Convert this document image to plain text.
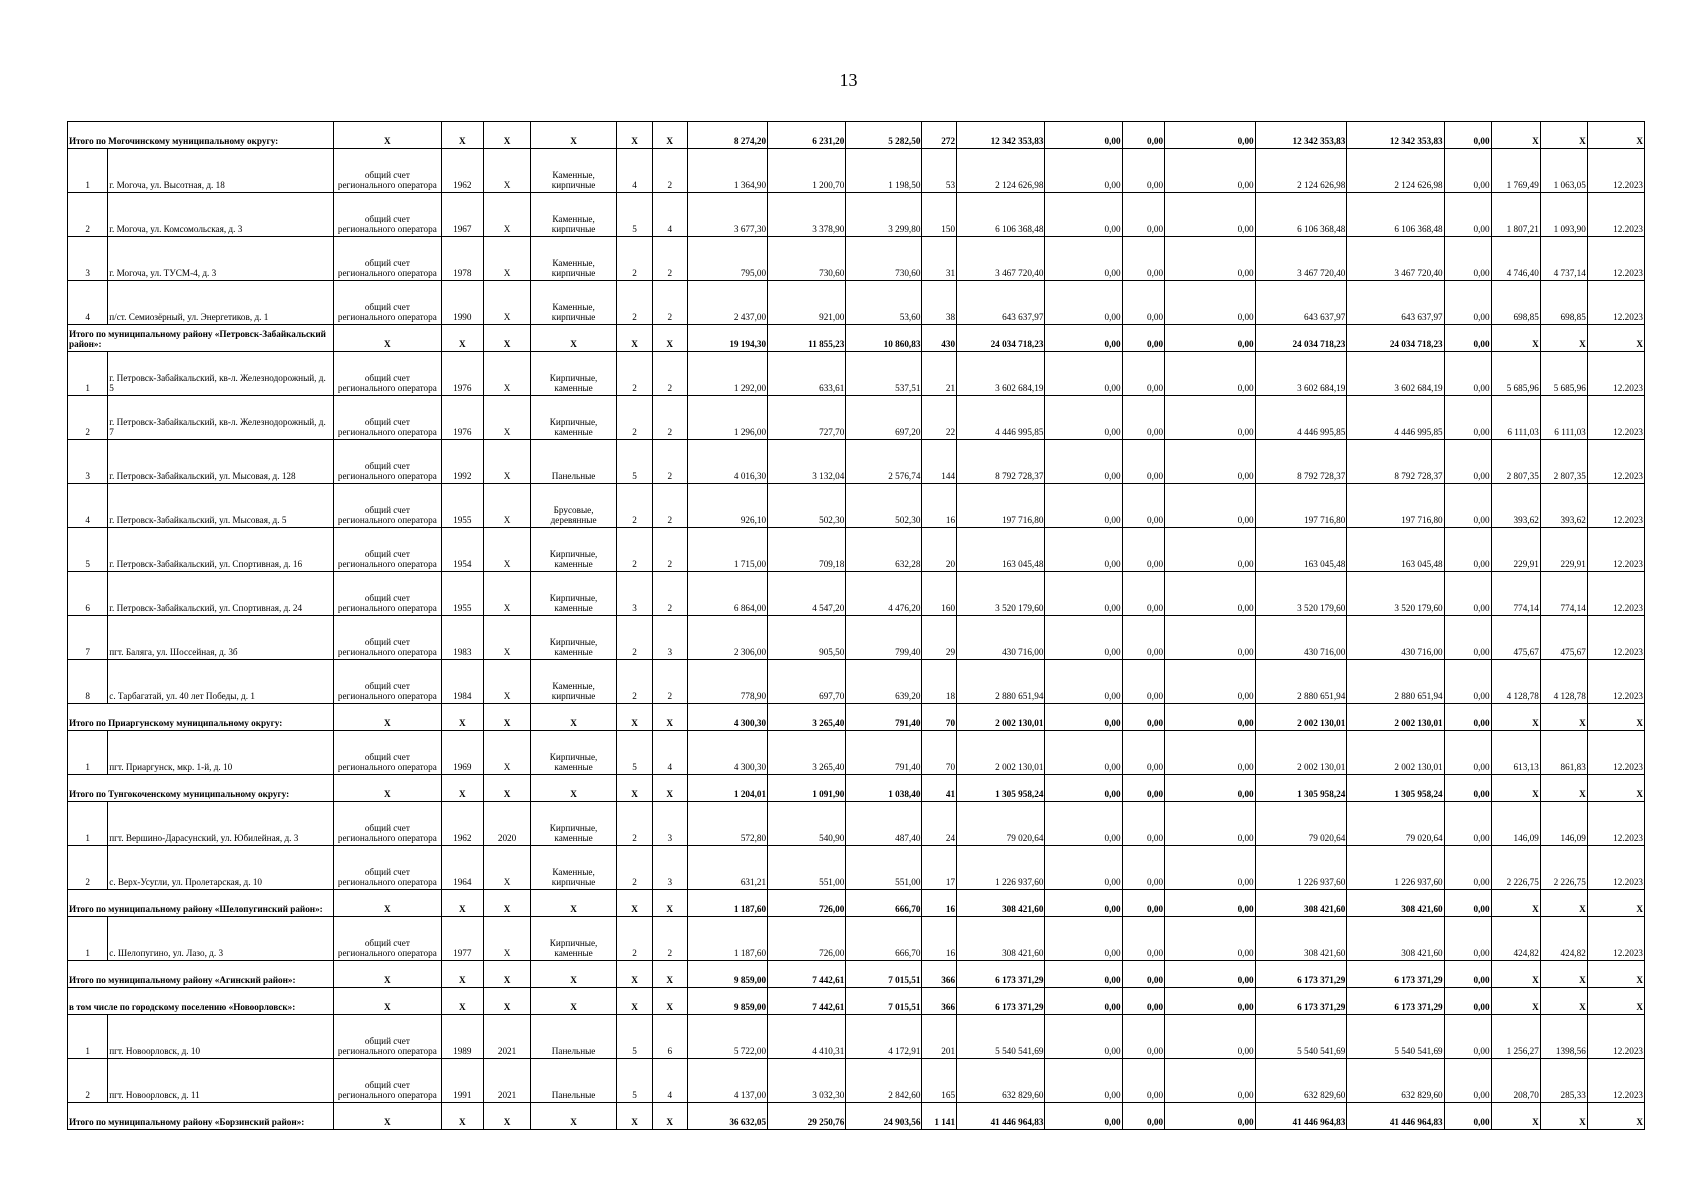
13
Итого по Могочинскому муниципальному округу:		X	X	X	X	X	X	8 274,20	6 231,20	5 282,50	272	12 342 353,83	0,00	0,00	0,00	12 342 353,83	12 342 353,83	0,00	X	X	X
1	г. Могоча, ул. Высотная, д. 18	общий счет регионального оператора	1962	X	Каменные, кирпичные	4	2	1 364,90	1 200,70	1 198,50	53	2 124 626,98	0,00	0,00	0,00	2 124 626,98	2 124 626,98	0,00	1 769,49	1 063,05	12.2023
2	г. Могоча, ул. Комсомольская, д. 3	общий счет регионального оператора	1967	X	Каменные, кирпичные	5	4	3 677,30	3 378,90	3 299,80	150	6 106 368,48	0,00	0,00	0,00	6 106 368,48	6 106 368,48	0,00	1 807,21	1 093,90	12.2023
3	г. Могоча, ул. ТУСМ-4, д. 3	общий счет регионального оператора	1978	X	Каменные, кирпичные	2	2	795,00	730,60	730,60	31	3 467 720,40	0,00	0,00	0,00	3 467 720,40	3 467 720,40	0,00	4 746,40	4 737,14	12.2023
4	п/ст. Семиозёрный, ул. Энергетиков, д. 1	общий счет регионального оператора	1990	X	Каменные, кирпичные	2	2	2 437,00	921,00	53,60	38	643 637,97	0,00	0,00	0,00	643 637,97	643 637,97	0,00	698,85	698,85	12.2023
Итого по муниципальному району «Петровск-Забайкальский район»:		X	X	X	X	X	X	19 194,30	11 855,23	10 860,83	430	24 034 718,23	0,00	0,00	0,00	24 034 718,23	24 034 718,23	0,00	X	X	X
1	г. Петровск-Забайкальский, кв-л. Железнодорожный, д. 5	общий счет регионального оператора	1976	X	Кирпичные, каменные	2	2	1 292,00	633,61	537,51	21	3 602 684,19	0,00	0,00	0,00	3 602 684,19	3 602 684,19	0,00	5 685,96	5 685,96	12.2023
2	г. Петровск-Забайкальский, кв-л. Железнодорожный, д. 7	общий счет регионального оператора	1976	X	Кирпичные, каменные	2	2	1 296,00	727,70	697,20	22	4 446 995,85	0,00	0,00	0,00	4 446 995,85	4 446 995,85	0,00	6 111,03	6 111,03	12.2023
3	г. Петровск-Забайкальский, ул. Мысовая, д. 128	общий счет регионального оператора	1992	X	Панельные	5	2	4 016,30	3 132,04	2 576,74	144	8 792 728,37	0,00	0,00	0,00	8 792 728,37	8 792 728,37	0,00	2 807,35	2 807,35	12.2023
4	г. Петровск-Забайкальский, ул. Мысовая, д. 5	общий счет регионального оператора	1955	X	Брусовые, деревянные	2	2	926,10	502,30	502,30	16	197 716,80	0,00	0,00	0,00	197 716,80	197 716,80	0,00	393,62	393,62	12.2023
5	г. Петровск-Забайкальский, ул. Спортивная, д. 16	общий счет регионального оператора	1954	X	Кирпичные, каменные	2	2	1 715,00	709,18	632,28	20	163 045,48	0,00	0,00	0,00	163 045,48	163 045,48	0,00	229,91	229,91	12.2023
6	г. Петровск-Забайкальский, ул. Спортивная, д. 24	общий счет регионального оператора	1955	X	Кирпичные, каменные	3	2	6 864,00	4 547,20	4 476,20	160	3 520 179,60	0,00	0,00	0,00	3 520 179,60	3 520 179,60	0,00	774,14	774,14	12.2023
7	пгт. Балягa, ул. Шоссейная, д. 3б	общий счет регионального оператора	1983	X	Кирпичные, каменные	2	3	2 306,00	905,50	799,40	29	430 716,00	0,00	0,00	0,00	430 716,00	430 716,00	0,00	475,67	475,67	12.2023
8	с. Тарбагатай, ул. 40 лет Победы, д. 1	общий счет регионального оператора	1984	X	Каменные, кирпичные	2	2	778,90	697,70	639,20	18	2 880 651,94	0,00	0,00	0,00	2 880 651,94	2 880 651,94	0,00	4 128,78	4 128,78	12.2023
Итого по Приаргунскому муниципальному округу:		X	X	X	X	X	X	4 300,30	3 265,40	791,40	70	2 002 130,01	0,00	0,00	0,00	2 002 130,01	2 002 130,01	0,00	X	X	X
1	пгт. Приаргунск, мкр. 1-й, д. 10	общий счет регионального оператора	1969	X	Кирпичные, каменные	5	4	4 300,30	3 265,40	791,40	70	2 002 130,01	0,00	0,00	0,00	2 002 130,01	2 002 130,01	0,00	613,13	861,83	12.2023
Итого по Тунгокоченскому муниципальному округу:		X	X	X	X	X	X	1 204,01	1 091,90	1 038,40	41	1 305 958,24	0,00	0,00	0,00	1 305 958,24	1 305 958,24	0,00	X	X	X
1	пгт. Вершино-Дарасунский, ул. Юбилейная, д. 3	общий счет регионального оператора	1962	2020	Кирпичные, каменные	2	3	572,80	540,90	487,40	24	79 020,64	0,00	0,00	0,00	79 020,64	79 020,64	0,00	146,09	146,09	12.2023
2	с. Верх-Усугли, ул. Пролетарская, д. 10	общий счет регионального оператора	1964	X	Каменные, кирпичные	2	3	631,21	551,00	551,00	17	1 226 937,60	0,00	0,00	0,00	1 226 937,60	1 226 937,60	0,00	2 226,75	2 226,75	12.2023
Итого по муниципальному району «Шелопугинский район»:		X	X	X	X	X	X	1 187,60	726,00	666,70	16	308 421,60	0,00	0,00	0,00	308 421,60	308 421,60	0,00	X	X	X
1	с. Шелопугино, ул. Лазо, д. 3	общий счет регионального оператора	1977	X	Кирпичные, каменные	2	2	1 187,60	726,00	666,70	16	308 421,60	0,00	0,00	0,00	308 421,60	308 421,60	0,00	424,82	424,82	12.2023
Итого по муниципальному району «Агинский район»:		X	X	X	X	X	X	9 859,00	7 442,61	7 015,51	366	6 173 371,29	0,00	0,00	0,00	6 173 371,29	6 173 371,29	0,00	X	X	X
в том числе по городскому поселению «Новоорловск»:		X	X	X	X	X	X	9 859,00	7 442,61	7 015,51	366	6 173 371,29	0,00	0,00	0,00	6 173 371,29	6 173 371,29	0,00	X	X	X
1	пгт. Новоорловск, д. 10	общий счет регионального оператора	1989	2021	Панельные	5	6	5 722,00	4 410,31	4 172,91	201	5 540 541,69	0,00	0,00	0,00	5 540 541,69	5 540 541,69	0,00	1 256,27	1398,56	12.2023
2	пгт. Новоорловск, д. 11	общий счет регионального оператора	1991	2021	Панельные	5	4	4 137,00	3 032,30	2 842,60	165	632 829,60	0,00	0,00	0,00	632 829,60	632 829,60	0,00	208,70	285,33	12.2023
Итого по муниципальному району «Борзинский район»:		X	X	X	X	X	X	36 632,05	29 250,76	24 903,56	1 141	41 446 964,83	0,00	0,00	0,00	41 446 964,83	41 446 964,83	0,00	X	X	X
